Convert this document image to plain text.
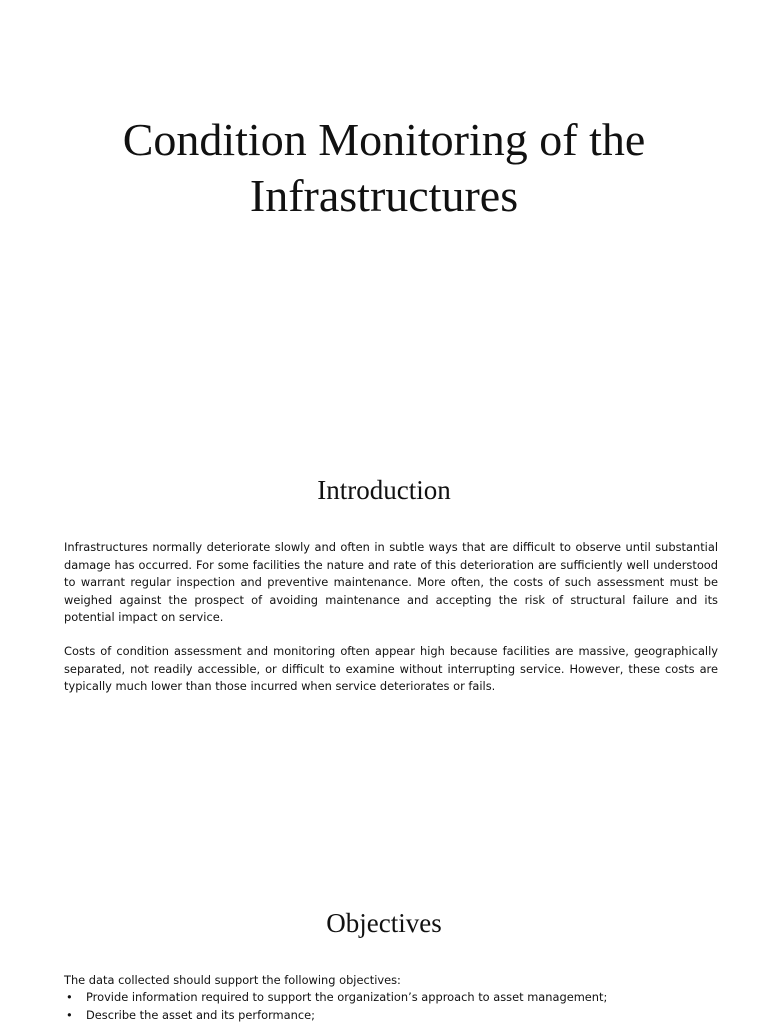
Condition Monitoring of the
Infrastructures
Introduction

Infrastructures normally deteriorate slowly and often in subtle ways that are difficult to observe until substantial damage has occurred. For some facilities the nature and rate of this deterioration are sufficiently well understood to warrant regular inspection and preventive maintenance. More often, the costs of such assessment must be weighed against the prospect of avoiding maintenance and accepting the risk of structural failure and its potential impact on service.

Costs of condition assessment and monitoring often appear high because facilities are massive, geographically separated, not readily accessible, or difficult to examine without interrupting service. However, these costs are typically much lower than those incurred when service deteriorates or fails.

Objectives

The data collected should support the following objectives:

• Provide information required to support the organization’s approach to asset management;
• Describe the asset and its performance;
